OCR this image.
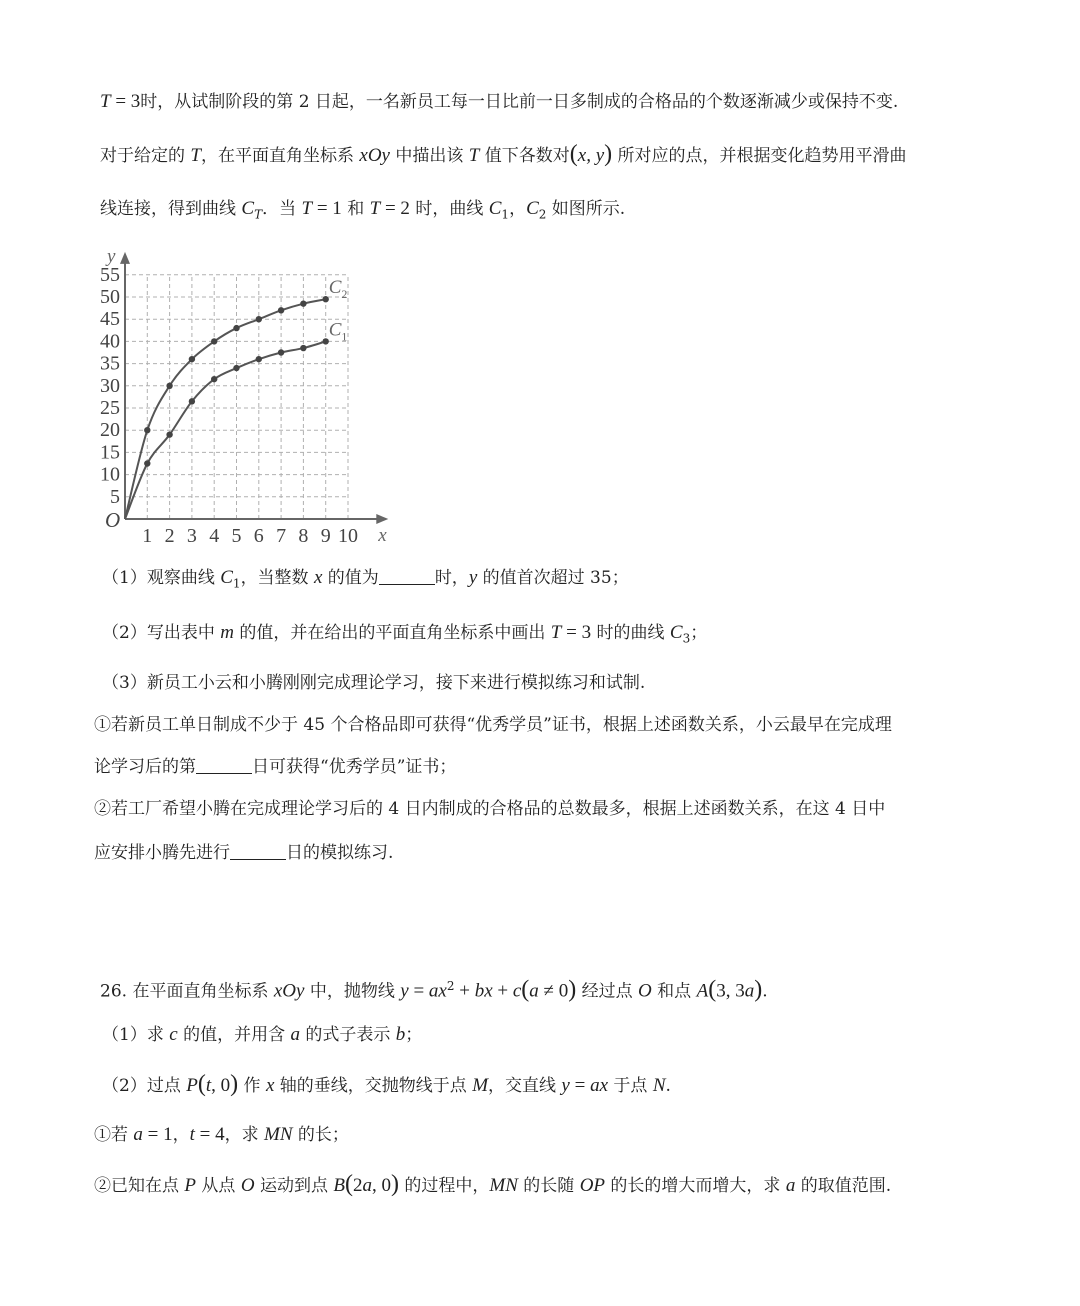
T = 3时，从试制阶段的第 2 日起，一名新员工每一日比前一日多制成的合格品的个数逐渐减少或保持不变.
对于给定的 T，在平面直角坐标系 xOy 中描出该 T 值下各数对(x, y) 所对应的点，并根据变化趋势用平滑曲
线连接，得到曲线 $C_T$．当 T = 1 和 T = 2 时，曲线 $C_1$，$C_2$ 如图所示.
x
y
O
1 2 3 4 5 6 7 8 9 10
5
10
15
20
25
30
35
40
45
50
55
$C_2$
$C_1$
（1）观察曲线 $C_1$，当整数 x 的值为	时，y 的值首次超过 35；
（2）写出表中 m 的值，并在给出的平面直角坐标系中画出 T = 3 时的曲线 $C_3$；
（3）新员工小云和小腾刚刚完成理论学习，接下来进行模拟练习和试制.
①若新员工单日制成不少于 45 个合格品即可获得“优秀学员”证书，根据上述函数关系，小云最早在完成理
论学习后的第	日可获得“优秀学员”证书；
②若工厂希望小腾在完成理论学习后的 4 日内制成的合格品的总数最多，根据上述函数关系，在这 4 日中
应安排小腾先进行	日的模拟练习.
26. 在平面直角坐标系 xOy 中，抛物线 $y = ax^2$ + bx + c(a ≠ 0) 经过点 O 和点 A(3, 3a).
（1）求 c 的值，并用含 a 的式子表示 b；
（2）过点 P(t, 0) 作 x 轴的垂线，交抛物线于点 M，交直线 y = ax 于点 N.
①若 a = 1，t = 4，求 MN 的长；
②已知在点 P 从点 O 运动到点 B(2a, 0) 的过程中，MN 的长随 OP 的长的增大而增大，求 a 的取值范围.
